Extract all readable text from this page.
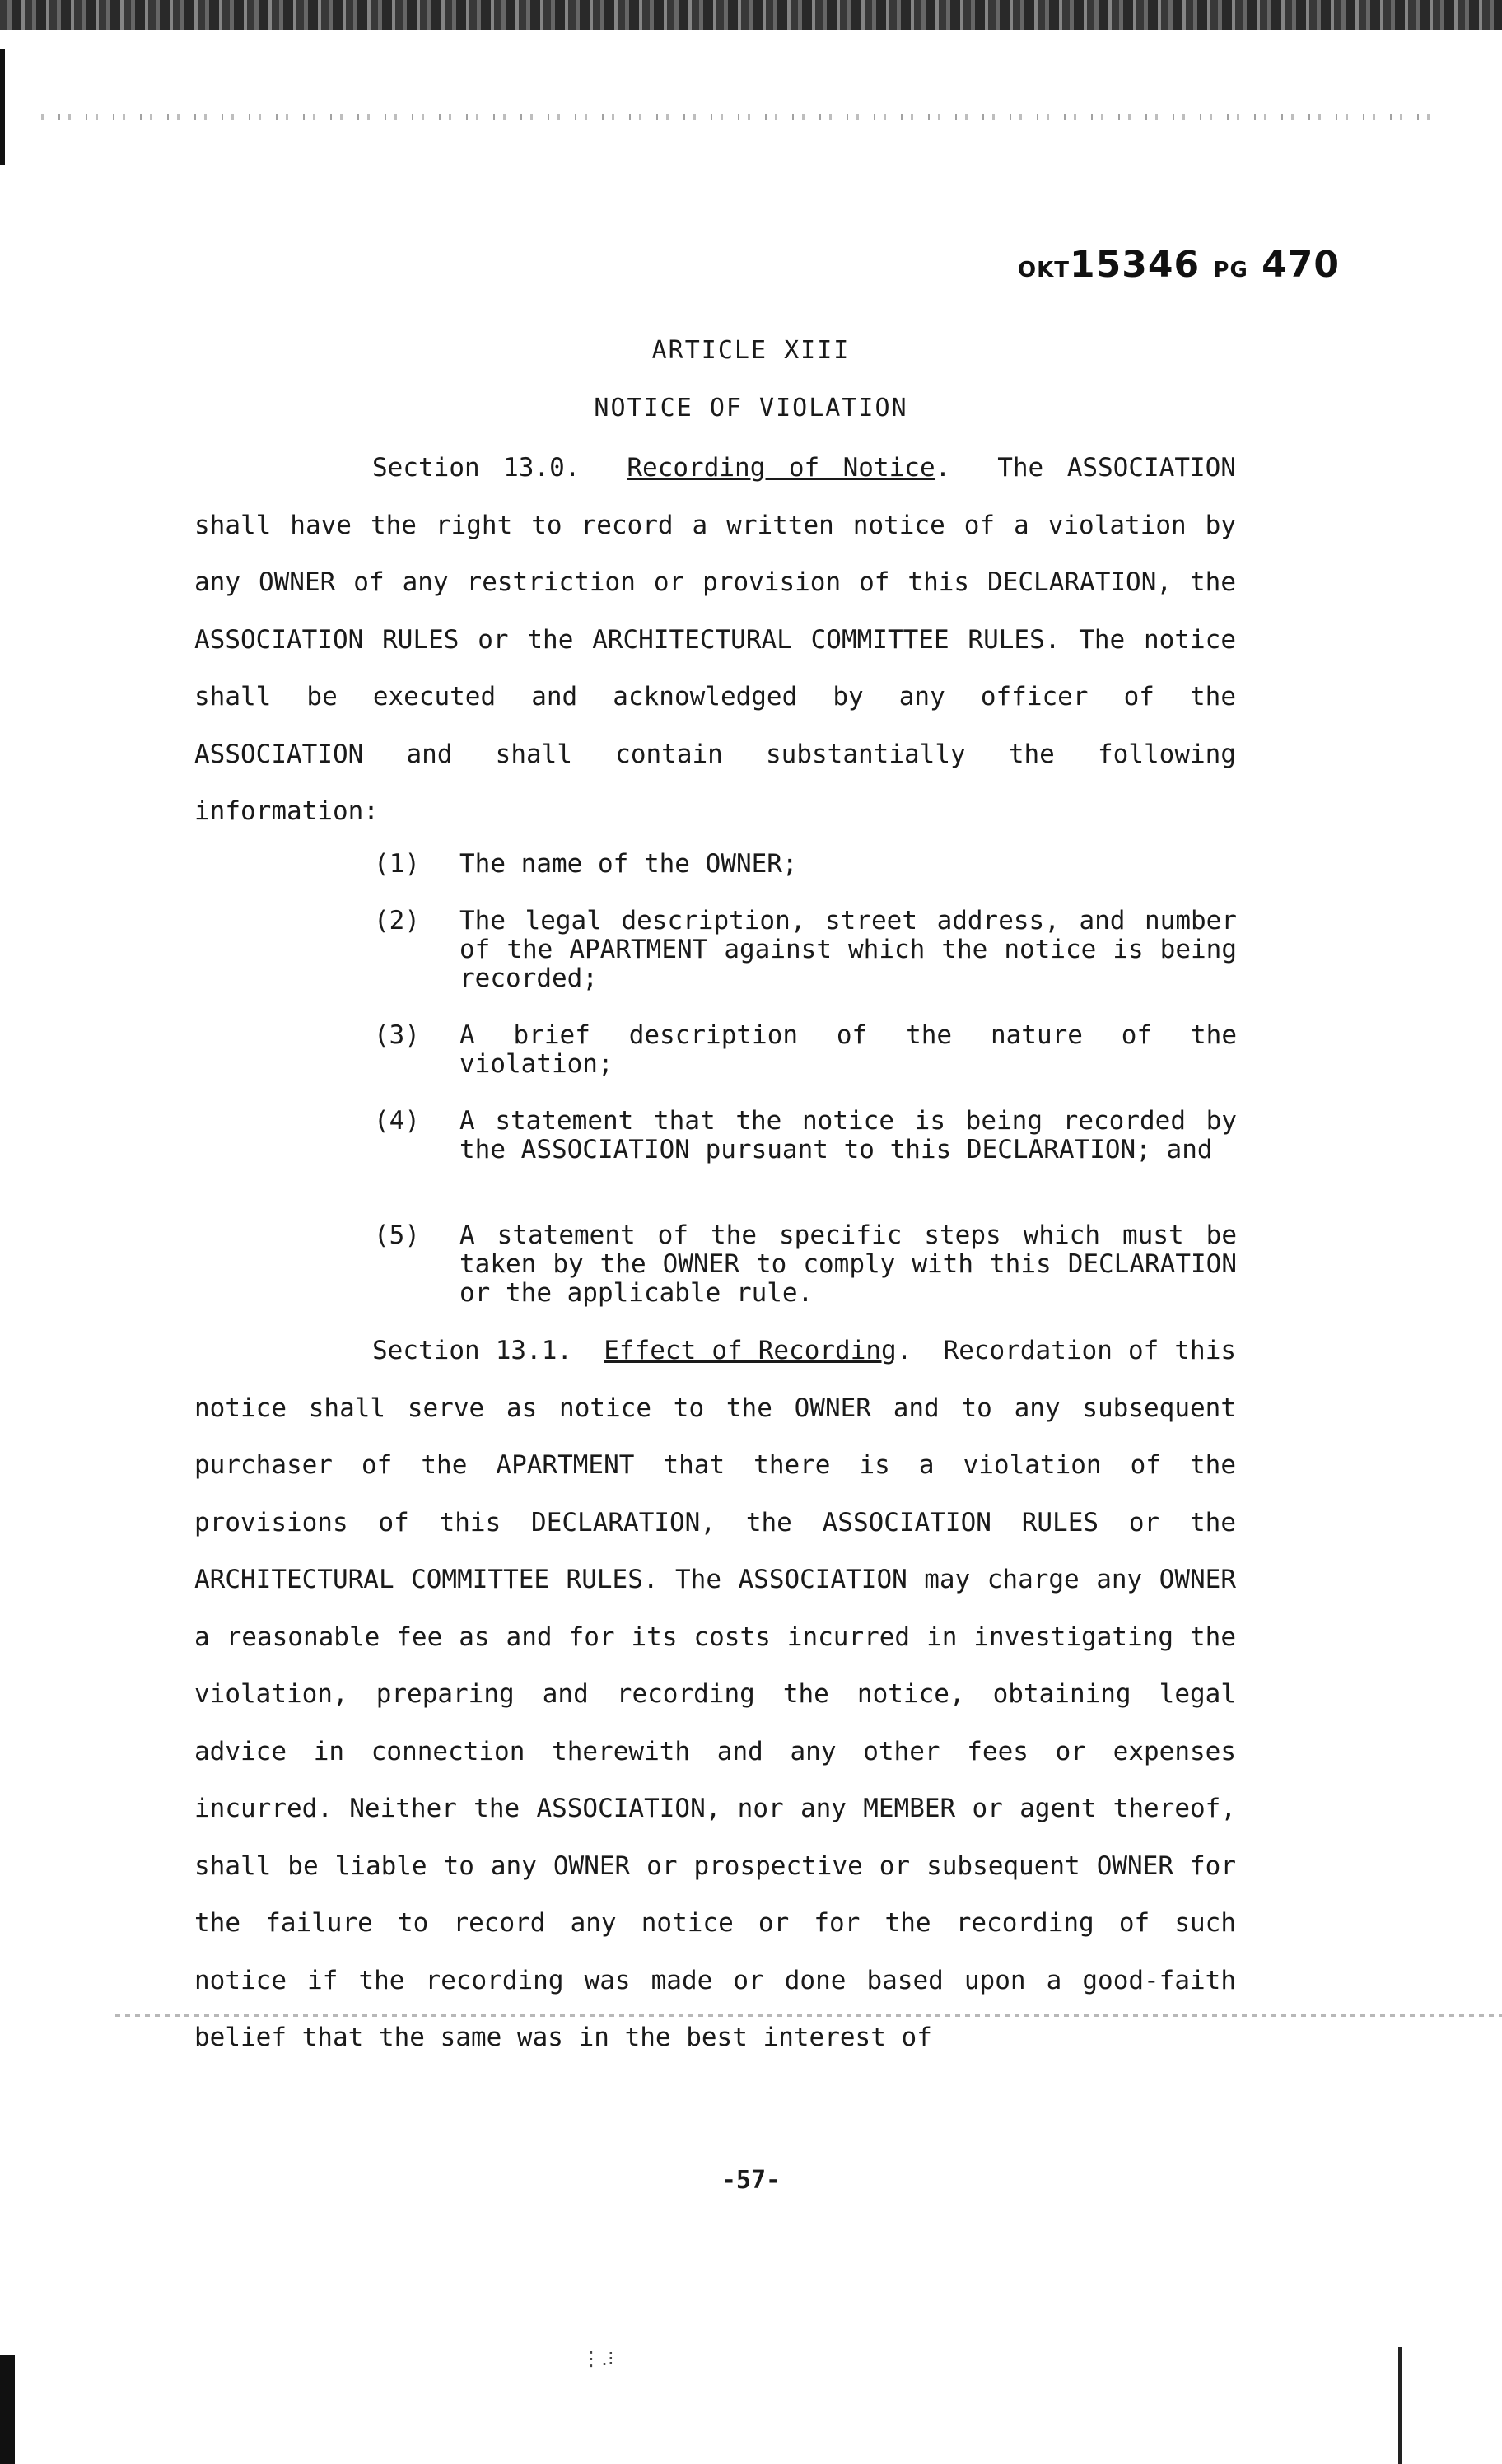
OKT15346 PG 470
ARTICLE XIII
NOTICE OF VIOLATION
Section 13.0. Recording of Notice.  The ASSOCIATION shall have the right to record a written notice of a violation by any OWNER of any restriction or provision of this DECLARATION, the ASSOCIATION RULES or the ARCHITECTURAL COMMITTEE RULES. The notice shall be executed and acknowledged by any officer of the ASSOCIATION and shall contain substantially the following information:
(1) The name of the OWNER;
(2) The legal description, street address, and number of the APARTMENT against which the notice is being recorded;
(3) A brief description of the nature of the violation;
(4) A statement that the notice is being recorded by the ASSOCIATION pursuant to this DECLARATION; and
(5) A statement of the specific steps which must be taken by the OWNER to comply with this DECLARATION or the applicable rule.
Section 13.1. Effect of Recording.  Recordation of this notice shall serve as notice to the OWNER and to any subsequent purchaser of the APARTMENT that there is a violation of the provisions of this DECLARATION, the ASSOCIATION RULES or the ARCHITECTURAL COMMITTEE RULES. The ASSOCIATION may charge any OWNER a reasonable fee as and for its costs incurred in investigating the violation, preparing and recording the notice, obtaining legal advice in connection therewith and any other fees or expenses incurred. Neither the ASSOCIATION, nor any MEMBER or agent thereof, shall be liable to any OWNER or prospective or subsequent OWNER for the failure to record any notice or for the recording of such notice if the recording was made or done based upon a good-faith belief that the same was in the best interest of
-57-
⋮․⁝
